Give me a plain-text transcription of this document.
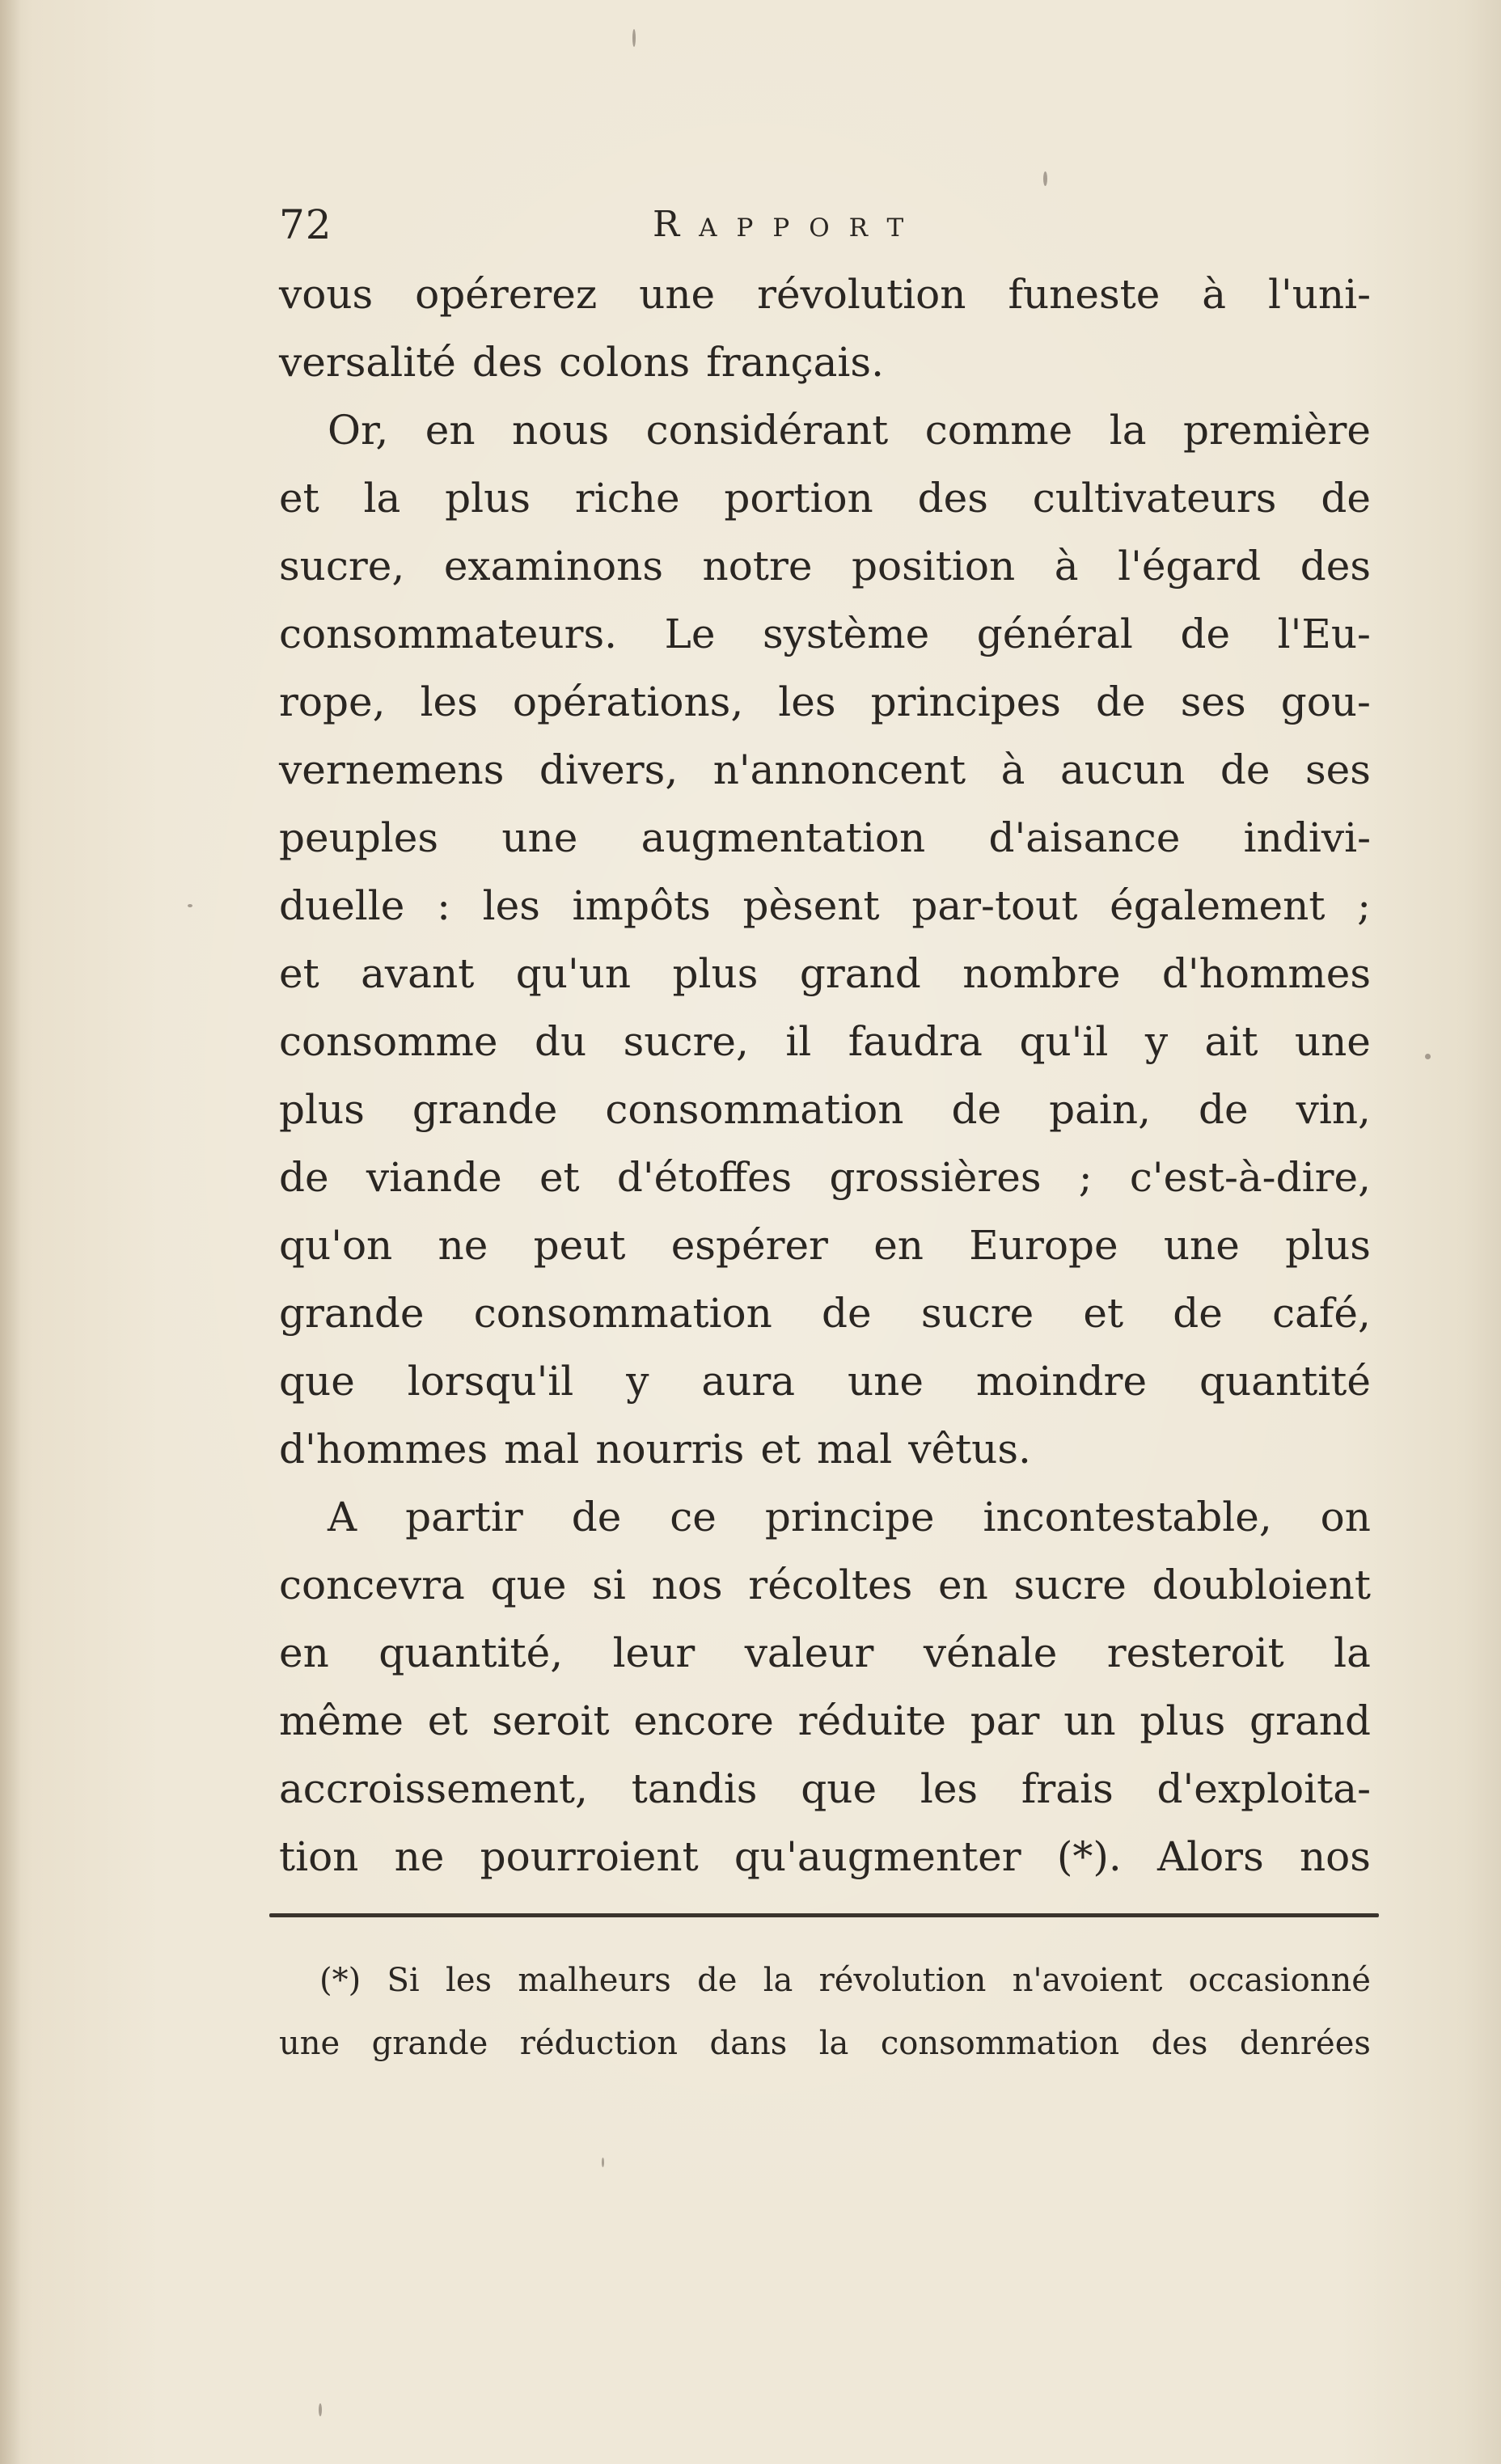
72	Rapport
vous opérerez une révolution funeste à l'uni-
versalité des colons français.
Or, en nous considérant comme la première
et la plus riche portion des cultivateurs de
sucre, examinons notre position à l'égard des
consommateurs. Le système général de l'Eu-
rope, les opérations, les principes de ses gou-
vernemens divers, n'annoncent à aucun de ses
peuples une augmentation d'aisance indivi-
duelle : les impôts pèsent par-tout également ;
et avant qu'un plus grand nombre d'hommes
consomme du sucre, il faudra qu'il y ait une
plus grande consommation de pain, de vin,
de viande et d'étoffes grossières ; c'est-à-dire,
qu'on ne peut espérer en Europe une plus
grande consommation de sucre et de café,
que lorsqu'il y aura une moindre quantité
d'hommes mal nourris et mal vêtus.
A partir de ce principe incontestable, on
concevra que si nos récoltes en sucre doubloient
en quantité, leur valeur vénale resteroit la
même et seroit encore réduite par un plus grand
accroissement, tandis que les frais d'exploita-
tion ne pourroient qu'augmenter (*). Alors nos
(*) Si les malheurs de la révolution n'avoient occasionné
une grande réduction dans la consommation des denrées
